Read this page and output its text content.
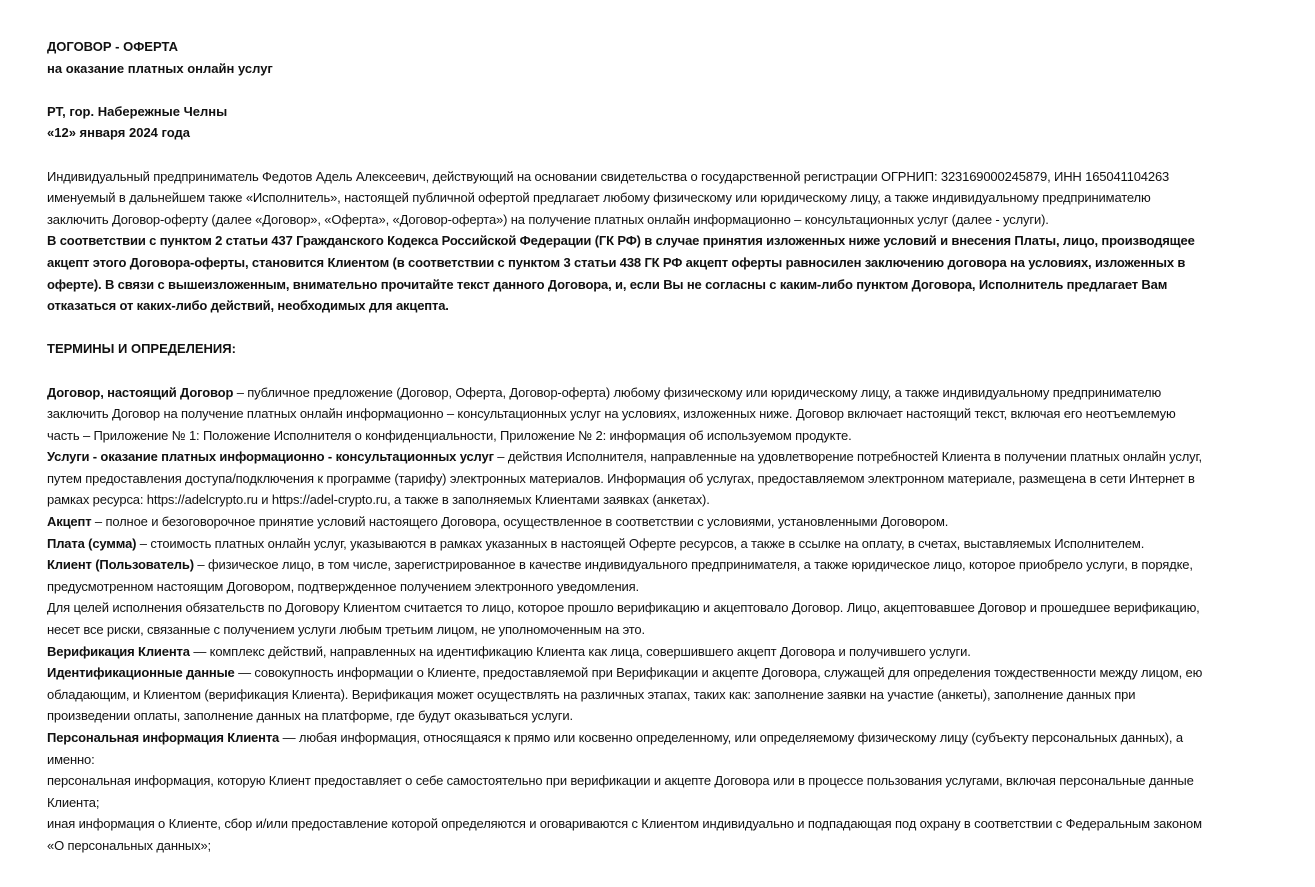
ДОГОВОР - ОФЕРТА

на оказание платных онлайн услуг

РТ, гор. Набережные Челны

«12» января 2024 года

Индивидуальный предприниматель Федотов Адель Алексеевич, действующий на основании свидетельства о государственной регистрации ОГРНИП: 323169000245879, ИНН 165041104263 именуемый в дальнейшем также «Исполнитель», настоящей публичной офертой предлагает любому физическому или юридическому лицу, а также индивидуальному предпринимателю заключить Договор-оферту (далее «Договор», «Оферта», «Договор-оферта») на получение платных онлайн информационно – консультационных услуг (далее - услуги).

В соответствии с пунктом 2 статьи 437 Гражданского Кодекса Российской Федерации (ГК РФ) в случае принятия изложенных ниже условий и внесения Платы, лицо, производящее акцепт этого Договора-оферты, становится Клиентом (в соответствии с пунктом 3 статьи 438 ГК РФ акцепт оферты равносилен заключению договора на условиях, изложенных в оферте). В связи с вышеизложенным, внимательно прочитайте текст данного Договора, и, если Вы не согласны с каким-либо пунктом Договора, Исполнитель предлагает Вам отказаться от каких-либо действий, необходимых для акцепта.

ТЕРМИНЫ И ОПРЕДЕЛЕНИЯ:

Договор, настоящий Договор – публичное предложение (Договор, Оферта, Договор-оферта) любому физическому или юридическому лицу, а также индивидуальному предпринимателю заключить Договор на получение платных онлайн информационно – консультационных услуг на условиях, изложенных ниже. Договор включает настоящий текст, включая его неотъемлемую часть – Приложение № 1: Положение Исполнителя о конфиденциальности, Приложение № 2: информация об используемом продукте.

Услуги - оказание платных информационно - консультационных услуг – действия Исполнителя, направленные на удовлетворение потребностей Клиента в получении платных онлайн услуг, путем предоставления доступа/подключения к программе (тарифу) электронных материалов. Информация об услугах, предоставляемом электронном материале, размещена в сети Интернет в рамках ресурса: https://adelcrypto.ru и https://adel-crypto.ru, а также в заполняемых Клиентами заявках (анкетах).

Акцепт – полное и безоговорочное принятие условий настоящего Договора, осуществленное в соответствии с условиями, установленными Договором.

Плата (сумма) – стоимость платных онлайн услуг, указываются в рамках указанных в настоящей Оферте ресурсов, а также в ссылке на оплату, в счетах, выставляемых Исполнителем.

Клиент (Пользователь) – физическое лицо, в том числе, зарегистрированное в качестве индивидуального предпринимателя, а также юридическое лицо, которое приобрело услуги, в порядке, предусмотренном настоящим Договором, подтвержденное получением электронного уведомления.

Для целей исполнения обязательств по Договору Клиентом считается то лицо, которое прошло верификацию и акцептовало Договор. Лицо, акцептовавшее Договор и прошедшее верификацию, несет все риски, связанные с получением услуги любым третьим лицом, не уполномоченным на это.

Верификация Клиента — комплекс действий, направленных на идентификацию Клиента как лица, совершившего акцепт Договора и получившего услуги.

Идентификационные данные — совокупность информации о Клиенте, предоставляемой при Верификации и акцепте Договора, служащей для определения тождественности между лицом, ею обладающим, и Клиентом (верификация Клиента). Верификация может осуществлять на различных этапах, таких как: заполнение заявки на участие (анкеты), заполнение данных при произведении оплаты, заполнение данных на платформе, где будут оказываться услуги.

Персональная информация Клиента — любая информация, относящаяся к прямо или косвенно определенному, или определяемому физическому лицу (субъекту персональных данных), а именно:

персональная информация, которую Клиент предоставляет о себе самостоятельно при верификации и акцепте Договора или в процессе пользования услугами, включая персональные данные Клиента;

иная информация о Клиенте, сбор и/или предоставление которой определяются и оговариваются с Клиентом индивидуально и подпадающая под охрану в соответствии с Федеральным законом «О персональных данных»;
